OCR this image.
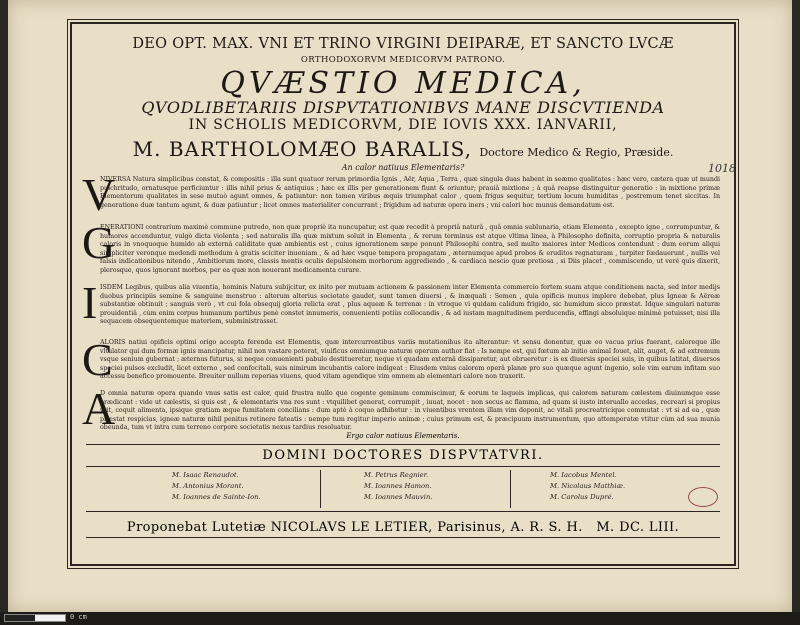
DEO OPT. MAX. VNI ET TRINO VIRGINI DEIPARÆ, ET SANCTO LVCÆ
ORTHODOXORVM MEDICORVM PATRONO.
QVÆSTIO MEDICA,
QVODLIBETARIIS DISPVTATIONIBVS MANE DISCVTIENDA
IN SCHOLIS MEDICORVM, DIE IOVIS XXX. IANVARII,
M. BARTHOLOMÆO BARALIS, Doctore Medico & Regio, Præside.
An calor natiuus Elementaris?
V
NIVERSA Natura simplicibus constat, & compositis : illa sunt quatuor rerum primordia Ignis , Aër, Aqua , Terra , quæ singula duas habent in seæmo qualitates : hæc vero, cætera quæ ut mundi pulchritudo, ornatusque perficiuntur : illis nihil prius & antiquius ; hæc ex illis per generationem fiunt & oriuntur; prauiâ mixtione ; à quâ reapse distinguitur generatio : in mixtione primæ Elementorum qualitates in sese mutuò agunt omnes, & patiuntur: non tamen viribus æquis triumphat calor , quem frigus sequitur, tertium locum humiditas , postremum tenet siccitas. In generatione duæ tantum agunt, & duæ patiuntur ; licet omnes materialiter concurrant ; frigidum ad naturæ opera iners ; vni calori hoc munus demandatum est.
G
ENERATIONI contrarium maximè commune putredo, non quæ propriè ita nuncupatur, est quæ recedit à propriâ naturâ , quâ omnia sublunaria, etiam Elementa , excepto igne , corrumpuntur, & humores accenduntur, vulgò dicta violenta ; sed naturalis illa quæ mixtum soluit in Elementa , & rerum terminus est atque vltima linea, à Philosopho definita, corruptio propria & naturalis caloris in vnoquoque humido ab externâ caliditate quæ ambientis est , cuius ignorationem sæpe ponunt Philosophi contra, sed multo maiores inter Medicos contendunt : dum eorum aliqui simpliciter veronque medendi methodum à gratis sciciter inueniam , & ad hæc vsque tempora propagatam , æternumque apud probos & eruditos regnaturam , turpiter fœdauerunt , nullis vel falsis indicationibus nitendo , Ambitiorum more, classis mentis oculis depulsionem morborum aggrediendo , & cardiaca nescio quæ pretiosa , si Diis placet , commiscendo, ut veré quis dixerit, plerosque, quos ignorant morbos, per ea quæ non nouerant medicamenta curare.
I ISDEM Legibus, quibus alia viuentia, hominis Natura subijcitur, ex inito per mutuam actionem & passionem inter Elementa commercio fortem suam atque conditionem nacta, sed inter medijs duobus principiis semine & sanguine menstruo : alterum alterius societate gaudet, sunt tamen diuersi , & inæquali : Semen , quia opificis munus implere debebat, plus Igneæ & Aëreæ substantiæ obtinuit ; sanguis verò , vt cui fola obsequij gloria relicta erat , plus aqueæ & terrenæ : in vtroque vi quidam calidum frigido, sic humidum sicco præstat. Idque singulari naturæ prouidentiâ , cùm enim corpus humanum partibus penè constet innumeris, conuenienti potiùs collocandis , & ad iustam magnitudinem perducendis, effingi absoluique minimè potuisset, nisi illa sequacem obsequentemque materiem, subministrasset.
C
ALORIS natiui opificis optimi origo accepta ferenda est Elementis, quæ intercurrentibus variis mutationibus ita alterantur: vt sensu donentur, quæ eo vacua prius fuerant, caloreque ille vltulator qui dum formæ ignis mancipatur, nihil non vastare poterat, viuificus omniumque naturæ operum author fiat : Is nempe est, qui fœtum ab initio animal fouet, alit, auget, & ad extremum vsque senium gubernat ; æternus futurus, si neque conuenienti pabulo destitueretur, neque vi quadam externâ dissiparetur, aut obrueretur : is ex diuersis speciei suis, in quibus latitat, diuersos speciei pulsos excludit, licet externo , sed confocitali, suis nimirum incubantis calore indigeat : Eiusdem vnius calorem operâ planæ pro suo quæque agunt ingenio, sole vim earum infitam suo accessu benefico promouente. Breuiter nullum reperias viuens, quod vitam agendique vim omnem ab elementari calore non traxerit.
A
D omnia naturæ opera quando vnus satis est calor, quid frustra nullo que cogente geminum commiscimur, & eorum te laqueis implicas, qui calorem naturam cælestem diuinumque esse prædicant : vide ut cælestis, si quis est , & elementaris vna res sunt : vtquilibet generat, corrumpit , iuuat, nocet : non secus ac flamma, ad quam si iusto interuallo accedas, recreari si propius vrit, coquit alimenta, ipsique gratiam æque fumitatem concilians : dum aptè à coquo adhibetur : in viuentibus vrentem illam vim deponit, ac vitali procreatricique commutat : vt si ad ea , quæ præstat respicias, igneæ naturæ nihil penitus retinere fateatis : nempe tum regitur imperio animæ ; cuius primum est, & præcipuum instrumentum, quo attemperatæ vtitur cùm ad sua munia obeunda, tum vt intra cum terreno corpore societatis nexus tardius resoluatur.
Ergo calor natiuus Elementaris.
DOMINI DOCTORES DISPVTATVRI.
M. Isaac Renaudot.
M. Antonius Morant.
M. Ioannes de Sainte-Ion.
M. Petrus Regnier.
M. Ioannes Hamon.
M. Ioannes Mauvin.
M. Iacobus Mentel.
M. Nicolaus Matthiæ.
M. Carolus Dupré.
Proponebat Lutetiæ NICOLAVS LE LETIER, Parisinus, A. R. S. H. M. DC. LIII.
1018
0 cm
